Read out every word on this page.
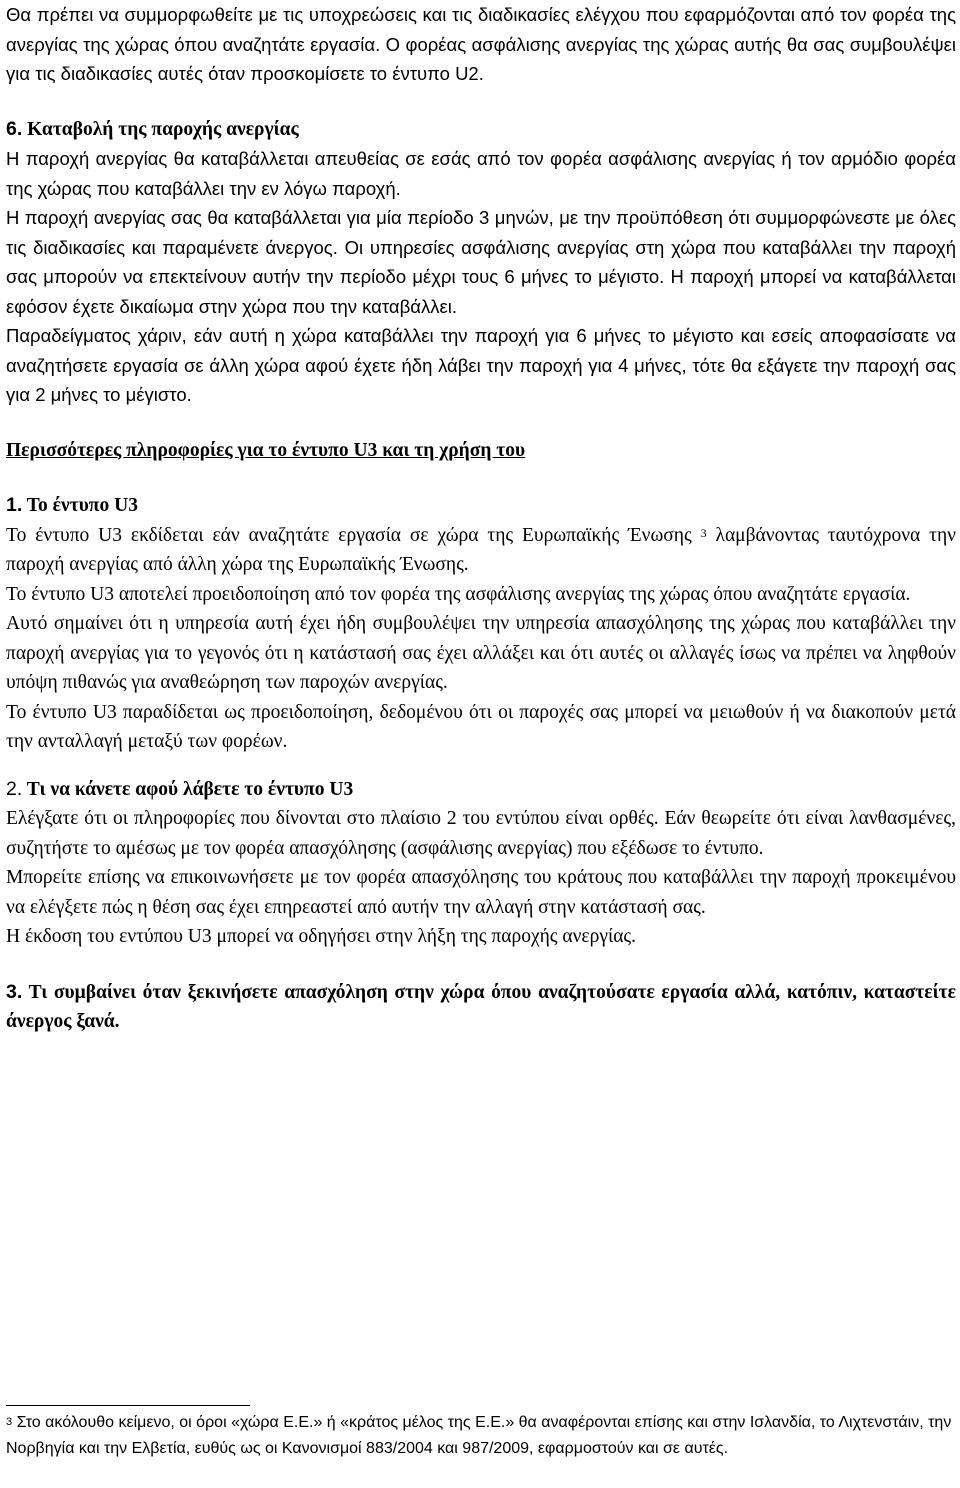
Θα πρέπει να συμμορφωθείτε με τις υποχρεώσεις και τις διαδικασίες ελέγχου που εφαρμόζονται από τον φορέα της ανεργίας της χώρας όπου αναζητάτε εργασία. Ο φορέας ασφάλισης ανεργίας της χώρας αυτής θα σας συμβουλέψει για τις διαδικασίες αυτές όταν προσκομίσετε το έντυπο U2.

6. Καταβολή της παροχής ανεργίας

Η παροχή ανεργίας θα καταβάλλεται απευθείας σε εσάς από τον φορέα ασφάλισης ανεργίας ή τον αρμόδιο φορέα της χώρας που καταβάλλει την εν λόγω παροχή.

Η παροχή ανεργίας σας θα καταβάλλεται για μία περίοδο 3 μηνών, με την προϋπόθεση ότι συμμορφώνεστε με όλες τις διαδικασίες και παραμένετε άνεργος. Οι υπηρεσίες ασφάλισης ανεργίας στη χώρα που καταβάλλει την παροχή σας μπορούν να επεκτείνουν αυτήν την περίοδο μέχρι τους 6 μήνες το μέγιστο. Η παροχή μπορεί να καταβάλλεται εφόσον έχετε δικαίωμα στην χώρα που την καταβάλλει.

Παραδείγματος χάριν, εάν αυτή η χώρα καταβάλλει την παροχή για 6 μήνες το μέγιστο και εσείς αποφασίσατε να αναζητήσετε εργασία σε άλλη χώρα αφού έχετε ήδη λάβει την παροχή για 4 μήνες, τότε θα εξάγετε την παροχή σας για 2 μήνες το μέγιστο.

Περισσότερες πληροφορίες για το έντυπο U3 και τη χρήση του

1. Το έντυπο U3

Το έντυπο U3 εκδίδεται εάν αναζητάτε εργασία σε χώρα της Ευρωπαϊκής Ένωσης $^3$ λαμβάνοντας ταυτόχρονα την παροχή ανεργίας από άλλη χώρα της Ευρωπαϊκής Ένωσης.

Το έντυπο U3 αποτελεί προειδοποίηση από τον φορέα της ασφάλισης ανεργίας της χώρας όπου αναζητάτε εργασία.

Αυτό σημαίνει ότι η υπηρεσία αυτή έχει ήδη συμβουλέψει την υπηρεσία απασχόλησης της χώρας που καταβάλλει την παροχή ανεργίας για το γεγονός ότι η κατάστασή σας έχει αλλάξει και ότι αυτές οι αλλαγές ίσως να πρέπει να ληφθούν υπόψη πιθανώς για αναθεώρηση των παροχών ανεργίας.

Το έντυπο U3 παραδίδεται ως προειδοποίηση, δεδομένου ότι οι παροχές σας μπορεί να μειωθούν ή να διακοπούν μετά την ανταλλαγή μεταξύ των φορέων.

2. Τι να κάνετε αφού λάβετε το έντυπο U3

Ελέγξατε ότι οι πληροφορίες που δίνονται στο πλαίσιο 2 του εντύπου είναι ορθές. Εάν θεωρείτε ότι είναι λανθασμένες, συζητήστε το αμέσως με τον φορέα απασχόλησης (ασφάλισης ανεργίας) που εξέδωσε το έντυπο.

Μπορείτε επίσης να επικοινωνήσετε με τον φορέα απασχόλησης του κράτους που καταβάλλει την παροχή προκειμένου να ελέγξετε πώς η θέση σας έχει επηρεαστεί από αυτήν την αλλαγή στην κατάστασή σας.

Η έκδοση του εντύπου U3 μπορεί να οδηγήσει στην λήξη της παροχής ανεργίας.

3. Τι συμβαίνει όταν ξεκινήσετε απασχόληση στην χώρα όπου αναζητούσατε εργασία αλλά, κατόπιν, καταστείτε άνεργος ξανά.
$^3$ Στο ακόλουθο κείμενο, οι όροι «χώρα Ε.Ε.» ή «κράτος μέλος της Ε.Ε.» θα αναφέρονται επίσης και στην Ισλανδία, το Λιχτενστάιν, την Νορβηγία και την Ελβετία, ευθύς ως οι Κανονισμοί 883/2004 και 987/2009, εφαρμοστούν και σε αυτές.
